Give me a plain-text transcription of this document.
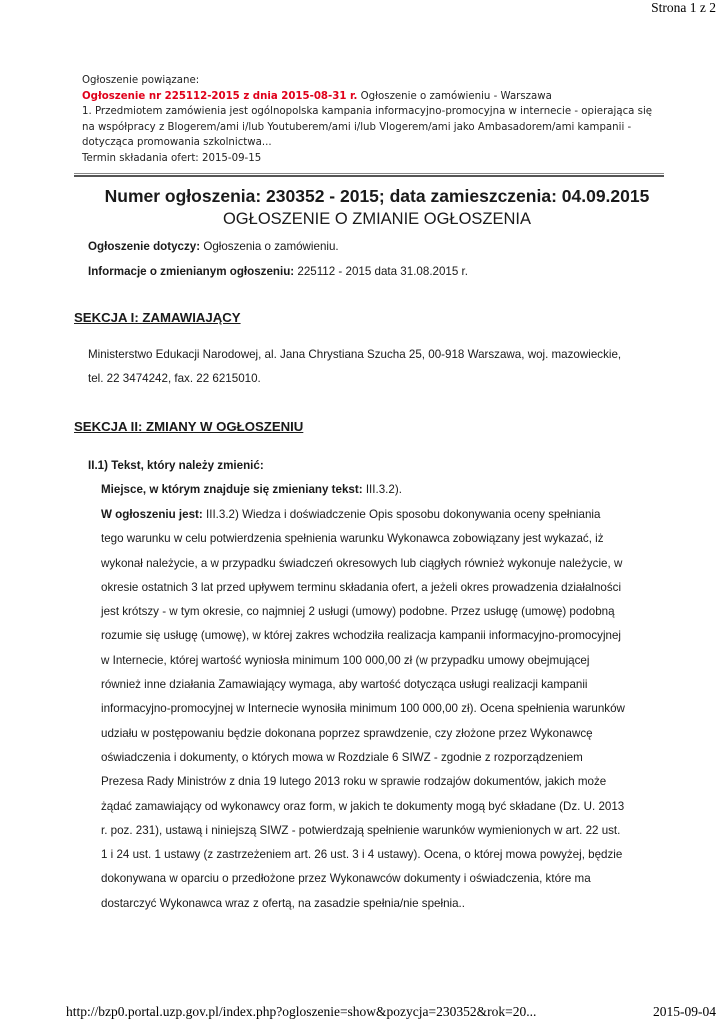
Strona 1 z 2
Ogłoszenie powiązane:
Ogłoszenie nr 225112-2015 z dnia 2015-08-31 r. Ogłoszenie o zamówieniu - Warszawa
1. Przedmiotem zamówienia jest ogólnopolska kampania informacyjno-promocyjna w internecie - opierająca się
na współpracy z Blogerem/ami i/lub Youtuberem/ami i/lub Vlogerem/ami jako Ambasadorem/ami kampanii -
dotycząca promowania szkolnictwa...
Termin składania ofert: 2015-09-15
Numer ogłoszenia: 230352 - 2015; data zamieszczenia: 04.09.2015
OGŁOSZENIE O ZMIANIE OGŁOSZENIA
Ogłoszenie dotyczy: Ogłoszenia o zamówieniu.
Informacje o zmienianym ogłoszeniu: 225112 - 2015 data 31.08.2015 r.
SEKCJA I: ZAMAWIAJĄCY
Ministerstwo Edukacji Narodowej, al. Jana Chrystiana Szucha 25, 00-918 Warszawa, woj. mazowieckie,
tel. 22 3474242, fax. 22 6215010.
SEKCJA II: ZMIANY W OGŁOSZENIU
II.1) Tekst, który należy zmienić:
Miejsce, w którym znajduje się zmieniany tekst: III.3.2).
W ogłoszeniu jest: III.3.2) Wiedza i doświadczenie Opis sposobu dokonywania oceny spełniania
tego warunku w celu potwierdzenia spełnienia warunku Wykonawca zobowiązany jest wykazać, iż
wykonał należycie, a w przypadku świadczeń okresowych lub ciągłych również wykonuje należycie, w
okresie ostatnich 3 lat przed upływem terminu składania ofert, a jeżeli okres prowadzenia działalności
jest krótszy - w tym okresie, co najmniej 2 usługi (umowy) podobne. Przez usługę (umowę) podobną
rozumie się usługę (umowę), w której zakres wchodziła realizacja kampanii informacyjno-promocyjnej
w Internecie, której wartość wyniosła minimum 100 000,00 zł (w przypadku umowy obejmującej
również inne działania Zamawiający wymaga, aby wartość dotycząca usługi realizacji kampanii
informacyjno-promocyjnej w Internecie wynosiła minimum 100 000,00 zł). Ocena spełnienia warunków
udziału w postępowaniu będzie dokonana poprzez sprawdzenie, czy złożone przez Wykonawcę
oświadczenia i dokumenty, o których mowa w Rozdziale 6 SIWZ - zgodnie z rozporządzeniem
Prezesa Rady Ministrów z dnia 19 lutego 2013 roku w sprawie rodzajów dokumentów, jakich może
żądać zamawiający od wykonawcy oraz form, w jakich te dokumenty mogą być składane (Dz. U. 2013
r. poz. 231), ustawą i niniejszą SIWZ - potwierdzają spełnienie warunków wymienionych w art. 22 ust.
1 i 24 ust. 1 ustawy (z zastrzeżeniem art. 26 ust. 3 i 4 ustawy). Ocena, o której mowa powyżej, będzie
dokonywana w oparciu o przedłożone przez Wykonawców dokumenty i oświadczenia, które ma
dostarczyć Wykonawca wraz z ofertą, na zasadzie spełnia/nie spełnia..
http://bzp0.portal.uzp.gov.pl/index.php?ogloszenie=show&pozycja=230352&rok=20...	2015-09-04
